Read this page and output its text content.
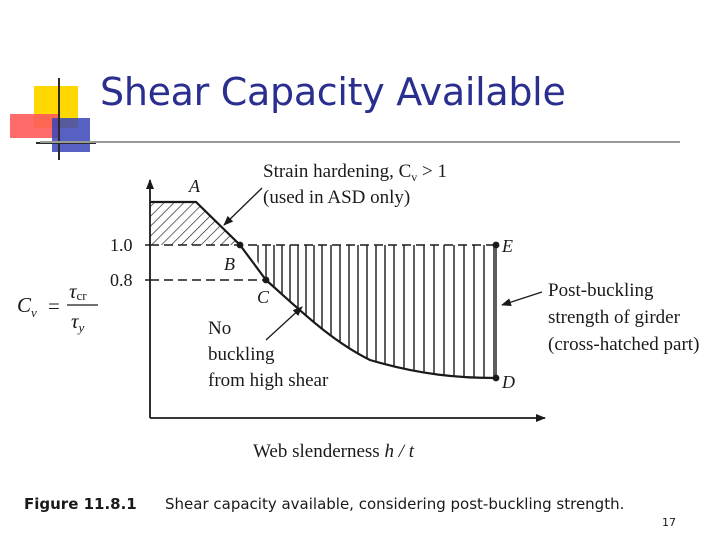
Shear Capacity Available
A
B
C
E
D
1.0
0.8
$C_v$ =
τcr
τy
Strain hardening, $C_v > 1$
(used in ASD only)
Post-buckling
strength of girder
(cross-hatched part)
No
buckling
from high shear
Web slenderness h / t
Figure 11.8.1 Shear capacity available, considering post-buckling strength.
17
